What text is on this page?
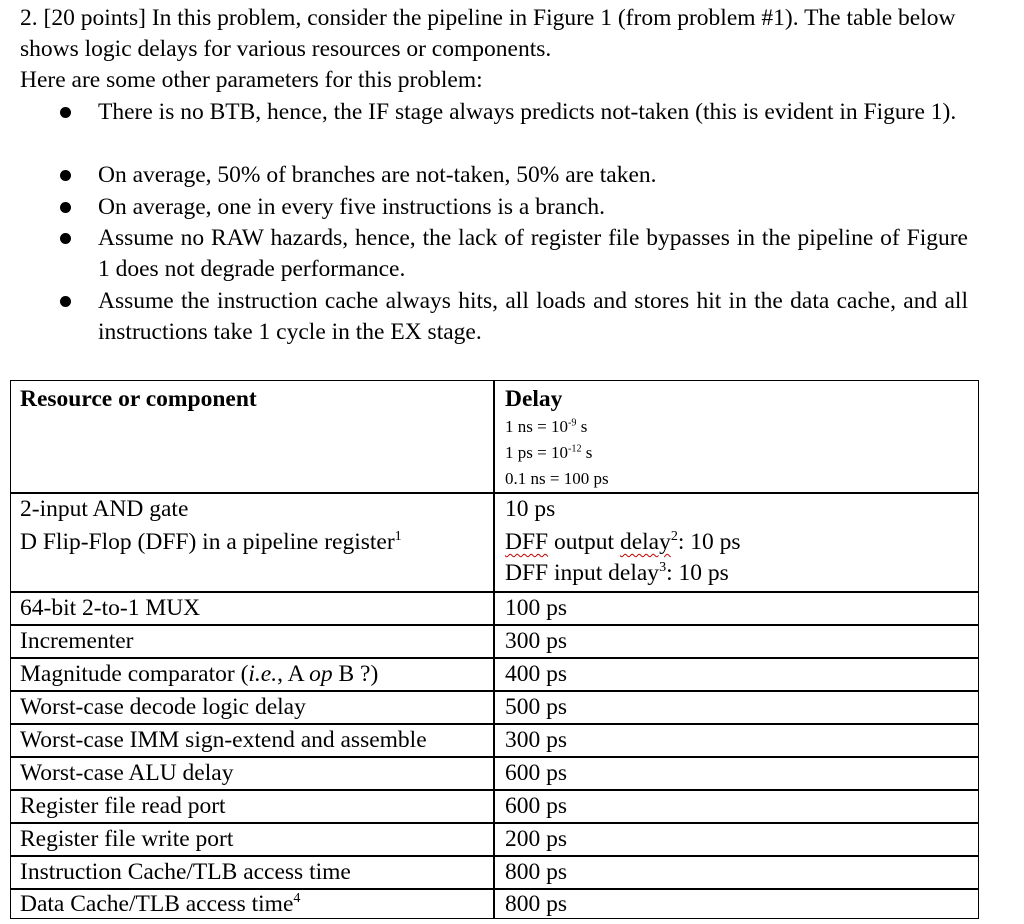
2. [20 points] In this problem, consider the pipeline in Figure 1 (from problem #1). The table below shows logic delays for various resources or components.

Here are some other parameters for this problem:

There is no BTB, hence, the IF stage always predicts not-taken (this is evident in Figure 1).
On average, 50% of branches are not-taken, 50% are taken.
On average, one in every five instructions is a branch.
Assume no RAW hazards, hence, the lack of register file bypasses in the pipeline of Figure 1 does not degrade performance.
Assume the instruction cache always hits, all loads and stores hit in the data cache, and all instructions take 1 cycle in the EX stage.
Resource or component	Delay
1 ns = $10^{-9}$ s
1 ps = $10^{-12}$ s
0.1 ns = 100 ps
2-input AND gate	10 ps
D Flip-Flop (DFF) in a pipeline register$^1$	DFF output delay$^2$: 10 ps
DFF input delay$^3$: 10 ps
64-bit 2-to-1 MUX	100 ps
Incrementer	300 ps
Magnitude comparator (i.e., A op B ?)	400 ps
Worst-case decode logic delay	500 ps
Worst-case IMM sign-extend and assemble	300 ps
Worst-case ALU delay	600 ps
Register file read port	600 ps
Register file write port	200 ps
Instruction Cache/TLB access time	800 ps
Data Cache/TLB access time$^4$	800 ps
